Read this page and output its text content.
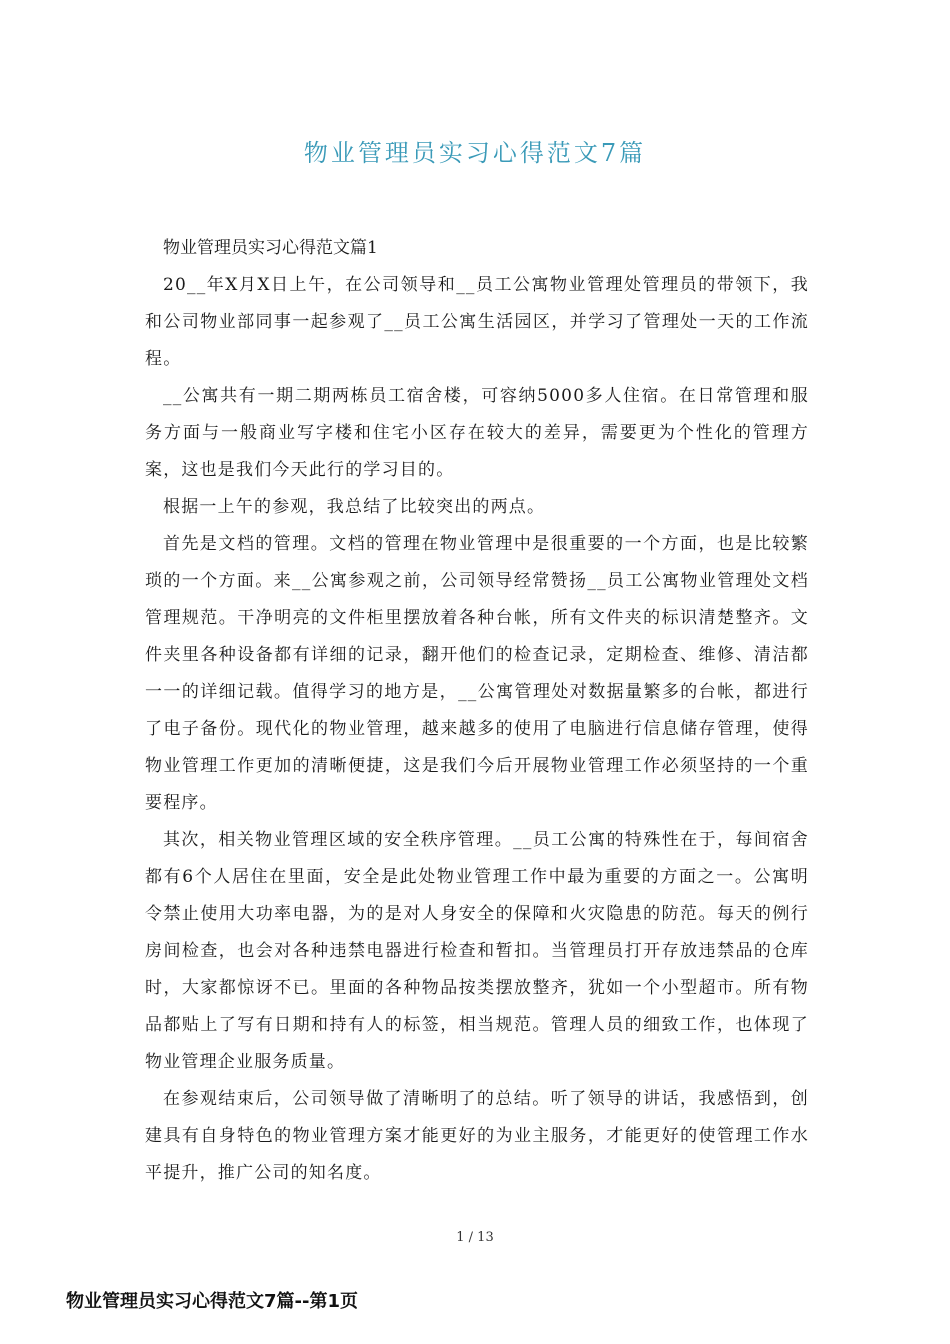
物业管理员实习心得范文7篇

物业管理员实习心得范文篇1

20__年X月X日上午，在公司领导和__员工公寓物业管理处管理员的带领下，我和公司物业部同事一起参观了__员工公寓生活园区，并学习了管理处一天的工作流程。

__公寓共有一期二期两栋员工宿舍楼，可容纳5000多人住宿。在日常管理和服务方面与一般商业写字楼和住宅小区存在较大的差异，需要更为个性化的管理方案，这也是我们今天此行的学习目的。

根据一上午的参观，我总结了比较突出的两点。

首先是文档的管理。文档的管理在物业管理中是很重要的一个方面，也是比较繁琐的一个方面。来__公寓参观之前，公司领导经常赞扬__员工公寓物业管理处文档管理规范。干净明亮的文件柜里摆放着各种台帐，所有文件夹的标识清楚整齐。文件夹里各种设备都有详细的记录，翻开他们的检查记录，定期检查、维修、清洁都一一的详细记载。值得学习的地方是，__公寓管理处对数据量繁多的台帐，都进行了电子备份。现代化的物业管理，越来越多的使用了电脑进行信息储存管理，使得物业管理工作更加的清晰便捷，这是我们今后开展物业管理工作必须坚持的一个重要程序。

其次，相关物业管理区域的安全秩序管理。__员工公寓的特殊性在于，每间宿舍都有6个人居住在里面，安全是此处物业管理工作中最为重要的方面之一。公寓明令禁止使用大功率电器，为的是对人身安全的保障和火灾隐患的防范。每天的例行房间检查，也会对各种违禁电器进行检查和暂扣。当管理员打开存放违禁品的仓库时，大家都惊讶不已。里面的各种物品按类摆放整齐，犹如一个小型超市。所有物品都贴上了写有日期和持有人的标签，相当规范。管理人员的细致工作，也体现了物业管理企业服务质量。

在参观结束后，公司领导做了清晰明了的总结。听了领导的讲话，我感悟到，创建具有自身特色的物业管理方案才能更好的为业主服务，才能更好的使管理工作水平提升，推广公司的知名度。

1 / 13
物业管理员实习心得范文7篇--第1页
